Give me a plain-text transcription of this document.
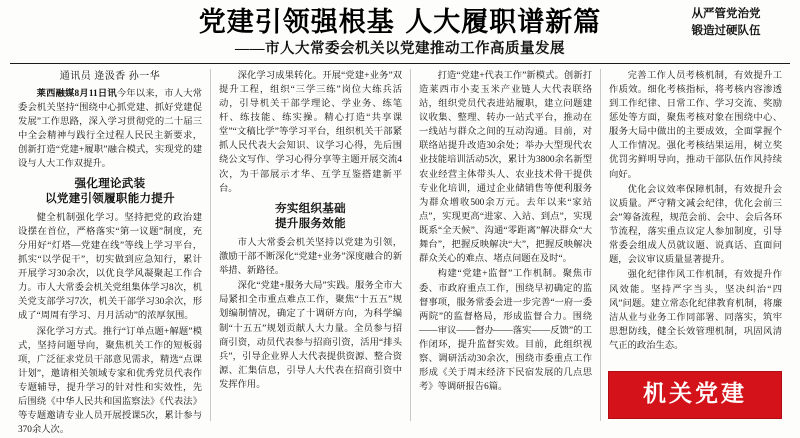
从严管党治党
锻造过硬队伍
党建引领强根基 人大履职谱新篇
——市人大常委会机关以党建推动工作高质量发展
通讯员 逄汲香 孙一华

莱西融媒8月11日讯今年以来，市人大常委会机关坚持“围绕中心抓党建、抓好党建促发展”工作思路，深入学习贯彻党的二十届三中全会精神与践行全过程人民民主新要求，创新打造“党建+履职”融合模式，实现党的建设与人大工作双提升。

强化理论武装
以党建引领履职能力提升

健全机制强化学习。坚持把党的政治建设摆在首位，严格落实“第一议题”制度，充分用好“灯塔—党建在线”等线上学习平台，抓实“以学促干”，切实做到应急知行，累计开展学习30余次，以优良学风凝聚起工作合力。市人大常委会机关党组集体学习8次，机关党支部学习7次，机关干部学习30余次，形成了“周周有学习、月月活动”的浓厚氛围。

深化学习方式。推行“订单点题+解题”模式，坚持问题导向，聚焦机关工作的短板弱项，广泛征求党员干部意见需求，精选“点课计划”，邀请相关领域专家和优秀党员代表作专题辅导，提升学习的针对性和实效性，先后围绕《中华人民共和国监察法》《代表法》等专题邀请专业人员开展授课5次，累计参与370余人次。

深化学习成果转化。开展“党建+业务”双提升工程，组织“三学三练”岗位大练兵活动，引导机关干部学理论、学业务、练笔杆、练技能、练实操。精心打造“共享课堂”“文稿比学”等学习平台，组织机关干部紧抓人民代表大会知识、议学习心得，先后围绕公文写作、学习心得分享等主题开展交流4次，为干部展示才华、互学互鉴搭建新平台。

夯实组织基础
提升服务效能

市人大常委会机关坚持以党建为引领，激励干部不断深化“党建+业务”深度融合的新举措、新路径。

深化“党建+服务大局”实践。服务全市大局紧扣全市重点难点工作，聚焦“十五五”规划编制情况，确定了十调研方向，为科学编制“十五五”规划贡献人大力量。全员参与招商引资，动员代表参与招商引资，活用“排头兵”，引导企业界人大代表提供资源、整合资源、汇集信息，引导人大代表在招商引资中发挥作用。

打造“党建+代表工作”新模式。创新打造莱西市小麦玉米产业链人大代表联络站，组织党员代表进站履职，建立问题建议收集、整理、转办一站式平台，推动在一线站与群众之间的互动沟通。目前，对联络站提升改造30余处；举办大型现代农业技能培训活动5次，累计为3800余名新型农业经营主体带头人、农业技术骨干提供专业化培训，通过企业储销售等便利服务为群众增收500余万元。去年以来“家站点”，实现更高“进家、入站、到点”，实现既系“全天候”、沟通“零距离”解决群众“大舞台”，把握反映解决“大”，把握反映解决群众关心的难点、堵点问题在及时“。

构建“党建+监督”工作机制。聚焦市委、市政府重点工作，围绕早初确定的监督事项，服务常委会进一步完善“一府一委两院”的监督格局，形成监督合力。围绕——审议——督办——落实——反馈”的工作闭环，提升监督实效。目前，此组织视察、调研活动30余次，围绕市委重点工作形成《关于周末经济下民宿发展的几点思考》等调研报告6篇。

完善工作人员考核机制，有效提升工作质效。细化考核指标，将考核内容渗透到工作纪律、日常工作、学习交流、奖励惩处等方面，聚焦考核对象在围绕中心、服务大局中做出的主要成效，全面掌握个人工作情况。强化考核结果运用，树立奖优罚劣鲜明导向，推动干部队伍作风持续向好。

优化会议效率保障机制，有效提升会议质量。严守精文减会纪律，优化会前三会”筹备流程，规范会前、会中、会后各环节流程，落实重点议定人参加制度，引导常委会组成人员就议题、说真话、直面问题，会议审议质量显著提升。

强化纪律作风工作机制，有效提升作风效能。坚持严字当头，坚决纠治“四风”问题。建立常态化纪律教育机制，将廉洁从业与业务工作同部署、同落实，筑牢思想防线，健全长效管理机制，巩固风清气正的政治生态。

机关党建
